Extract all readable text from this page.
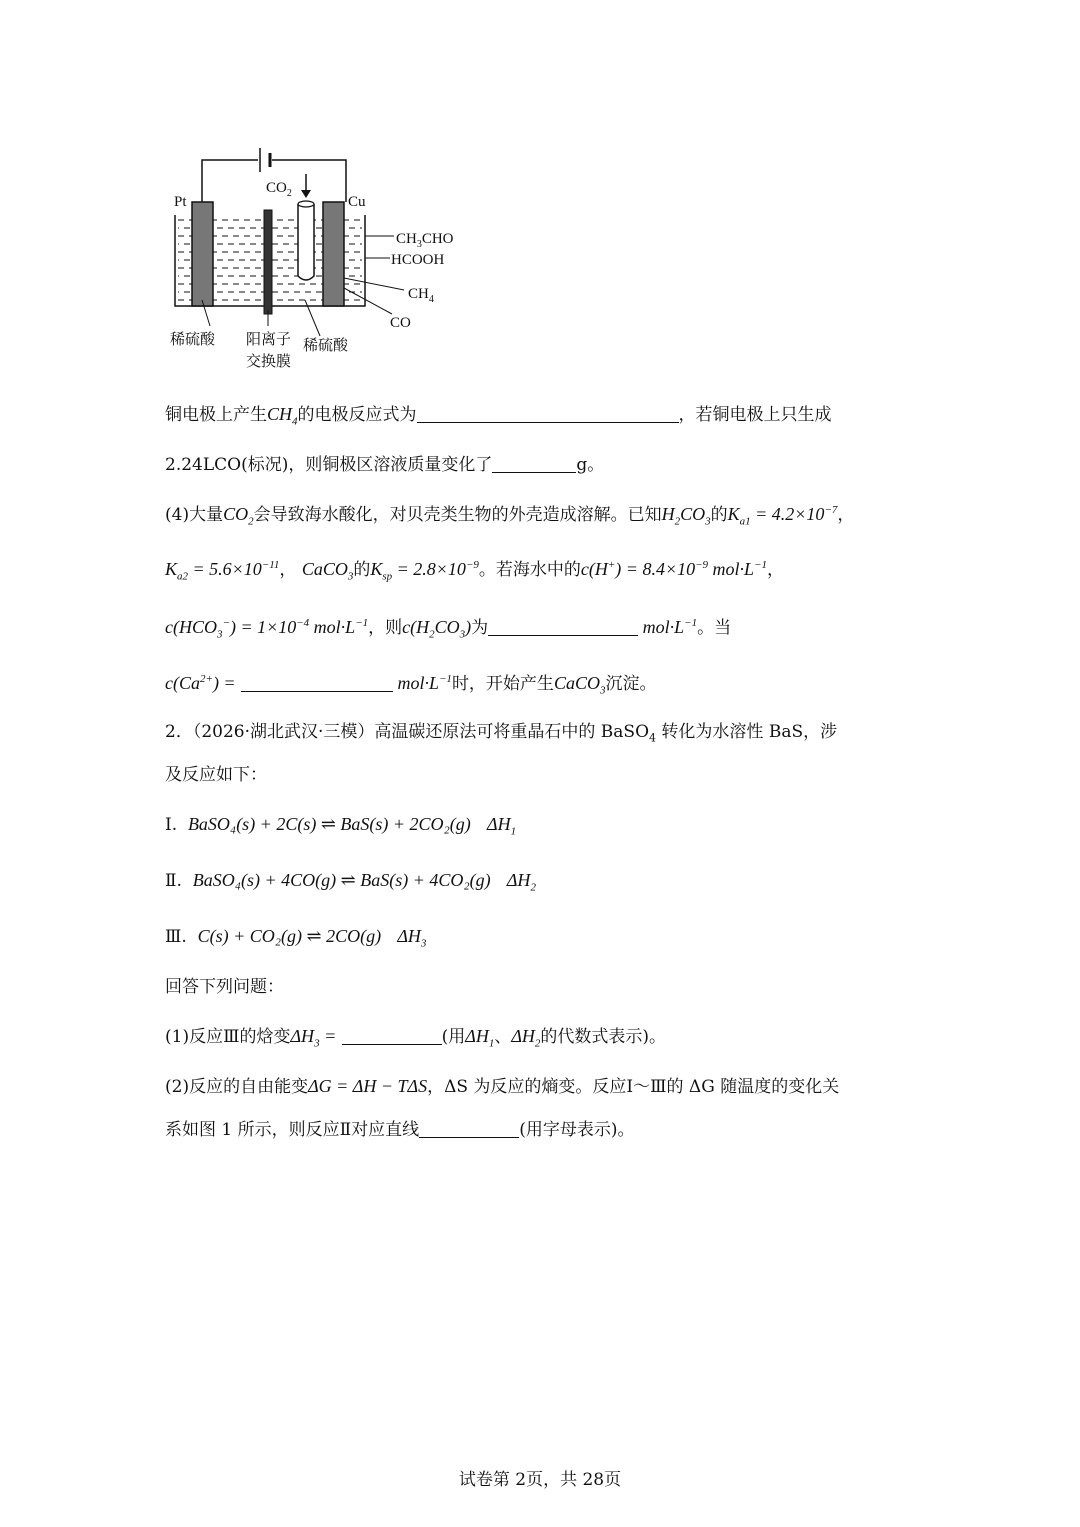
Pt	Cu
$CO_2$
$CH_3CHO$
HCOOH
$CH_4$
CO
稀硫酸 阳离子
交换膜
稀硫酸
铜电极上产生$CH_4$的电极反应式为	，若铜电极上只生成
2.24LCO(标况)，则铜极区溶液质量变化了	g。
(4)大量$CO_2$会导致海水酸化，对贝壳类生物的外壳造成溶解。已知$H_2CO_3$的$K_{a1} = 4.2\times 10^{-7}$，
$K_{a2} = 5.6\times 10^{-11}$， CaCO$_3$的$K_{sp} = 2.8\times 10^{-9}$。若海水中的$c(H^+) = 8.4\times 10^{-9}$ $mol\cdot L^{-1}$，
$c(HCO_3^-) = 1\times 10^{-4}$ $mol\cdot L^{-1}$，则$c(H_2CO_3)$为	$mol\cdot L^{-1}$。当
$c(Ca^{2+})$ =	$mol\cdot L^{-1}$时，开始产生CaCO$_3$沉淀。
2．（2026·湖北武汉·三模）高温碳还原法可将重晶石中的 BaSO$_4$ 转化为水溶性 BaS，涉
及反应如下：
Ⅰ. BaSO₄(s) + 2C(s) ⇌ BaS(s) + 2CO₂(g) $\Delta H_1$
Ⅱ. BaSO₄(s) + 4CO(g) ⇌ BaS(s) + 4CO₂(g) $\Delta H_2$
Ⅲ. C(s) + CO₂(g) ⇌ 2CO(g) $\Delta H_3$
回答下列问题：
(1)反应Ⅲ的焓变$\Delta H_3$ =	(用$\Delta H_1$、$\Delta H_2$的代数式表示)。
(2)反应的自由能变ΔG = ΔH − TΔS，ΔS 为反应的熵变。反应Ⅰ～Ⅲ的 ΔG 随温度的变化关
系如图 1 所示，则反应Ⅱ对应直线	(用字母表示)。
试卷第 2页，共 28页
